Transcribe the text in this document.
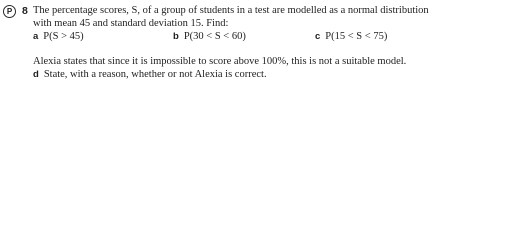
P 8 The percentage scores, S, of a group of students in a test are modelled as a normal distribution
with mean 45 and standard deviation 15. Find:
a P(S > 45)	b P(30 < S < 60)	c P(15 < S < 75)
Alexia states that since it is impossible to score above 100%, this is not a suitable model.
d State, with a reason, whether or not Alexia is correct.
